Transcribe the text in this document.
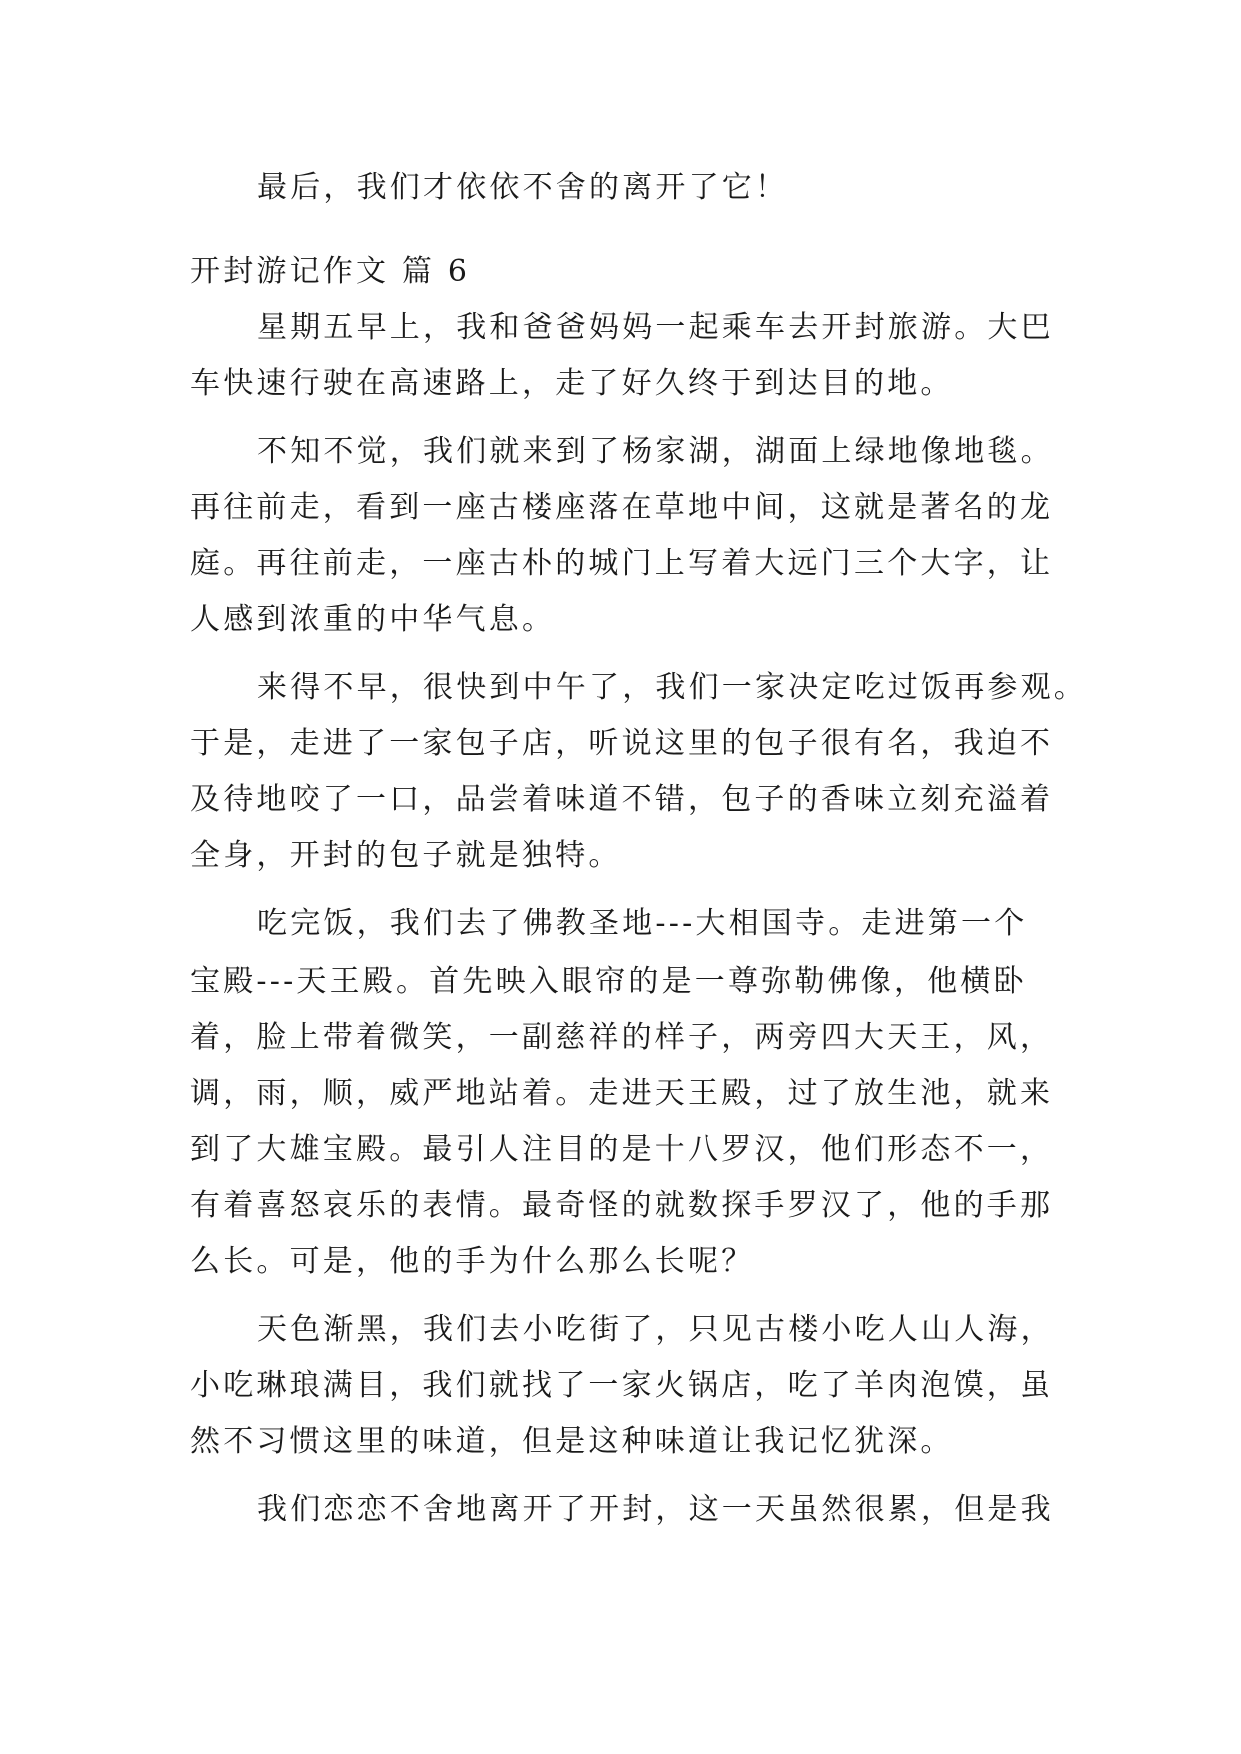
最后，我们才依依不舍的离开了它！
开封游记作文 篇 6
星期五早上，我和爸爸妈妈一起乘车去开封旅游。大巴
车快速行驶在高速路上，走了好久终于到达目的地。
不知不觉，我们就来到了杨家湖，湖面上绿地像地毯。
再往前走，看到一座古楼座落在草地中间，这就是著名的龙
庭。再往前走，一座古朴的城门上写着大远门三个大字，让
人感到浓重的中华气息。
来得不早，很快到中午了，我们一家决定吃过饭再参观。
于是，走进了一家包子店，听说这里的包子很有名，我迫不
及待地咬了一口，品尝着味道不错，包子的香味立刻充溢着
全身，开封的包子就是独特。
吃完饭，我们去了佛教圣地---大相国寺。走进第一个
宝殿---天王殿。首先映入眼帘的是一尊弥勒佛像，他横卧
着，脸上带着微笑，一副慈祥的样子，两旁四大天王，风，
调，雨，顺，威严地站着。走进天王殿，过了放生池，就来
到了大雄宝殿。最引人注目的是十八罗汉，他们形态不一，
有着喜怒哀乐的表情。最奇怪的就数探手罗汉了，他的手那
么长。可是，他的手为什么那么长呢？
天色渐黑，我们去小吃街了，只见古楼小吃人山人海，
小吃琳琅满目，我们就找了一家火锅店，吃了羊肉泡馍，虽
然不习惯这里的味道，但是这种味道让我记忆犹深。
我们恋恋不舍地离开了开封，这一天虽然很累，但是我
